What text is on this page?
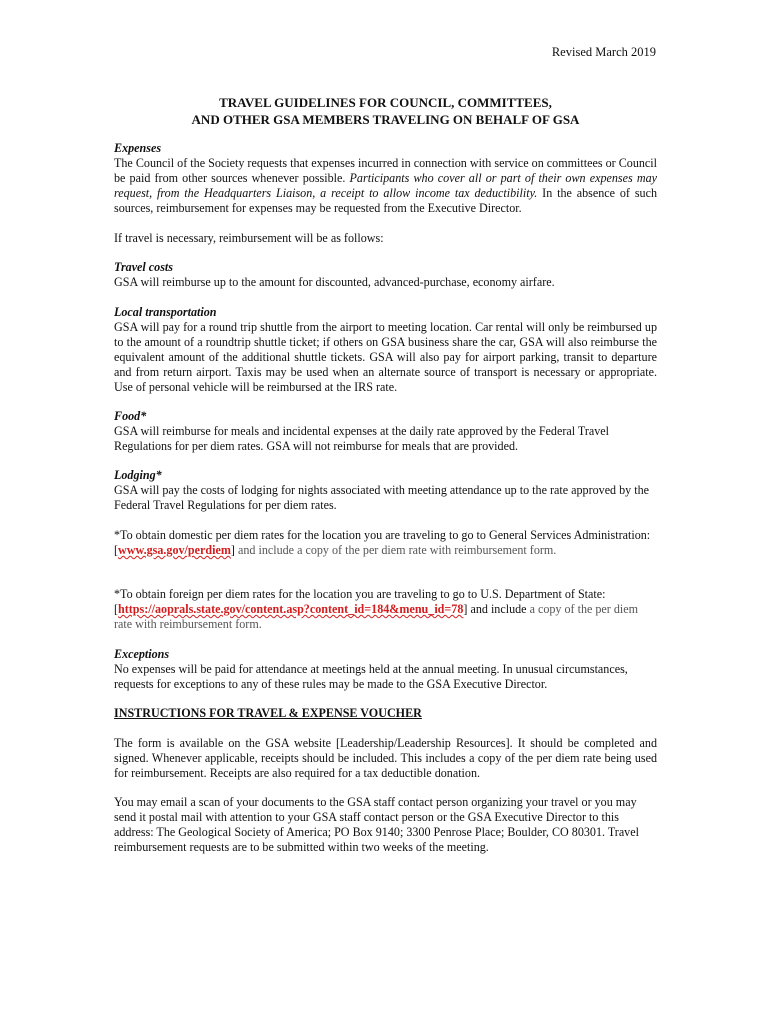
Revised March 2019
TRAVEL GUIDELINES FOR COUNCIL, COMMITTEES,
AND OTHER GSA MEMBERS TRAVELING ON BEHALF OF GSA

Expenses
The Council of the Society requests that expenses incurred in connection with service on committees or Council be paid from other sources whenever possible. Participants who cover all or part of their own expenses may request, from the Headquarters Liaison, a receipt to allow income tax deductibility. In the absence of such sources, reimbursement for expenses may be requested from the Executive Director.

If travel is necessary, reimbursement will be as follows:

Travel costs
GSA will reimburse up to the amount for discounted, advanced-purchase, economy airfare.

Local transportation
GSA will pay for a round trip shuttle from the airport to meeting location. Car rental will only be reimbursed up to the amount of a roundtrip shuttle ticket; if others on GSA business share the car, GSA will also reimburse the equivalent amount of the additional shuttle tickets. GSA will also pay for airport parking, transit to departure and from return airport. Taxis may be used when an alternate source of transport is necessary or appropriate. Use of personal vehicle will be reimbursed at the IRS rate.

Food*
GSA will reimburse for meals and incidental expenses at the daily rate approved by the Federal Travel Regulations for per diem rates. GSA will not reimburse for meals that are provided.

Lodging*
GSA will pay the costs of lodging for nights associated with meeting attendance up to the rate approved by the Federal Travel Regulations for per diem rates.

*To obtain domestic per diem rates for the location you are traveling to go to General Services Administration: [www.gsa.gov/perdiem] and include a copy of the per diem rate with reimbursement form.

*To obtain foreign per diem rates for the location you are traveling to go to U.S. Department of State: [https://aoprals.state.gov/content.asp?content_id=184&menu_id=78] and include a copy of the per diem rate with reimbursement form.

Exceptions
No expenses will be paid for attendance at meetings held at the annual meeting. In unusual circumstances, requests for exceptions to any of these rules may be made to the GSA Executive Director.

INSTRUCTIONS FOR TRAVEL & EXPENSE VOUCHER

The form is available on the GSA website [Leadership/Leadership Resources]. It should be completed and signed. Whenever applicable, receipts should be included. This includes a copy of the per diem rate being used for reimbursement. Receipts are also required for a tax deductible donation.

You may email a scan of your documents to the GSA staff contact person organizing your travel or you may send it postal mail with attention to your GSA staff contact person or the GSA Executive Director to this address: The Geological Society of America; PO Box 9140; 3300 Penrose Place; Boulder, CO 80301. Travel reimbursement requests are to be submitted within two weeks of the meeting.
